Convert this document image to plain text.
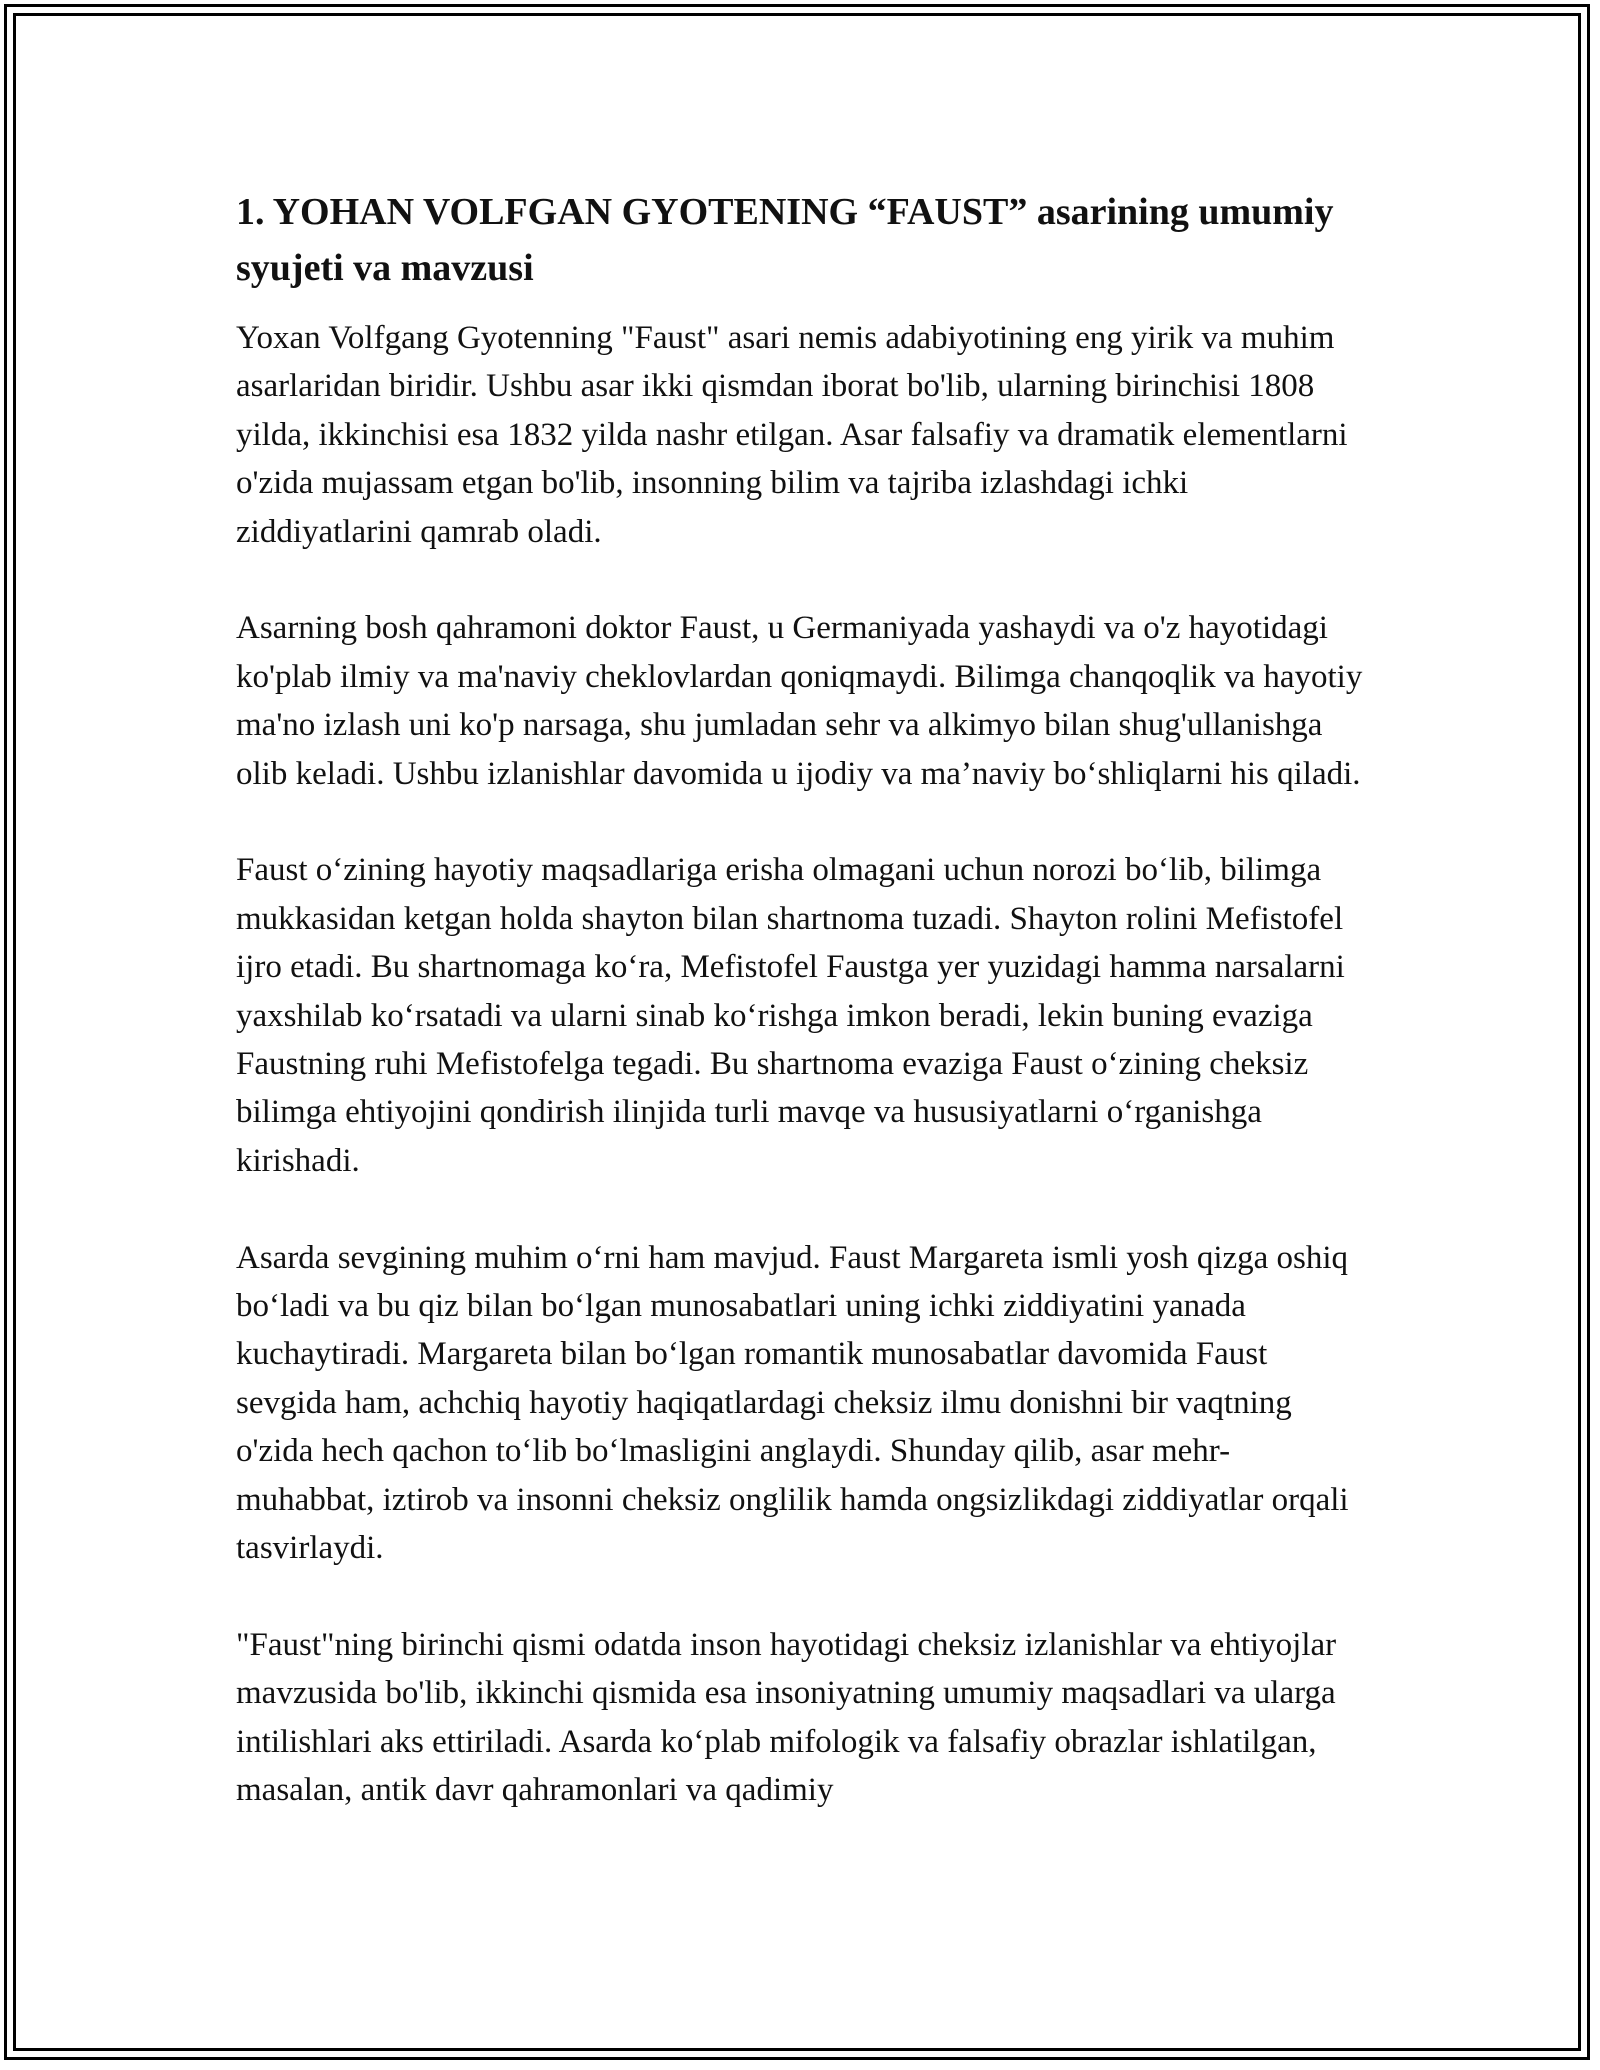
1. YOHAN VOLFGAN GYOTENING “FAUST” asarining umumiy syujeti va mavzusi

Yoxan Volfgang Gyotenning "Faust" asari nemis adabiyotining eng yirik va muhim asarlaridan biridir. Ushbu asar ikki qismdan iborat bo'lib, ularning birinchisi 1808 yilda, ikkinchisi esa 1832 yilda nashr etilgan. Asar falsafiy va dramatik elementlarni o'zida mujassam etgan bo'lib, insonning bilim va tajriba izlashdagi ichki ziddiyatlarini qamrab oladi.

Asarning bosh qahramoni doktor Faust, u Germaniyada yashaydi va o'z hayotidagi ko'plab ilmiy va ma'naviy cheklovlardan qoniqmaydi. Bilimga chanqoqlik va hayotiy ma'no izlash uni ko'p narsaga, shu jumladan sehr va alkimyo bilan shug'ullanishga olib keladi. Ushbu izlanishlar davomida u ijodiy va ma’naviy bo‘shliqlarni his qiladi.

Faust o‘zining hayotiy maqsadlariga erisha olmagani uchun norozi bo‘lib, bilimga mukkasidan ketgan holda shayton bilan shartnoma tuzadi. Shayton rolini Mefistofel ijro etadi. Bu shartnomaga ko‘ra, Mefistofel Faustga yer yuzidagi hamma narsalarni yaxshilab ko‘rsatadi va ularni sinab ko‘rishga imkon beradi, lekin buning evaziga Faustning ruhi Mefistofelga tegadi. Bu shartnoma evaziga Faust o‘zining cheksiz bilimga ehtiyojini qondirish ilinjida turli mavqe va hususiyatlarni o‘rganishga kirishadi.

Asarda sevgining muhim o‘rni ham mavjud. Faust Margareta ismli yosh qizga oshiq bo‘ladi va bu qiz bilan bo‘lgan munosabatlari uning ichki ziddiyatini yanada kuchaytiradi. Margareta bilan bo‘lgan romantik munosabatlar davomida Faust sevgida ham, achchiq hayotiy haqiqatlardagi cheksiz ilmu donishni bir vaqtning o'zida hech qachon to‘lib bo‘lmasligini anglaydi. Shunday qilib, asar mehr-muhabbat, iztirob va insonni cheksiz onglilik hamda ongsizlikdagi ziddiyatlar orqali tasvirlaydi.

"Faust"ning birinchi qismi odatda inson hayotidagi cheksiz izlanishlar va ehtiyojlar mavzusida bo'lib, ikkinchi qismida esa insoniyatning umumiy maqsadlari va ularga intilishlari aks ettiriladi. Asarda ko‘plab mifologik va falsafiy obrazlar ishlatilgan, masalan, antik davr qahramonlari va qadimiy
